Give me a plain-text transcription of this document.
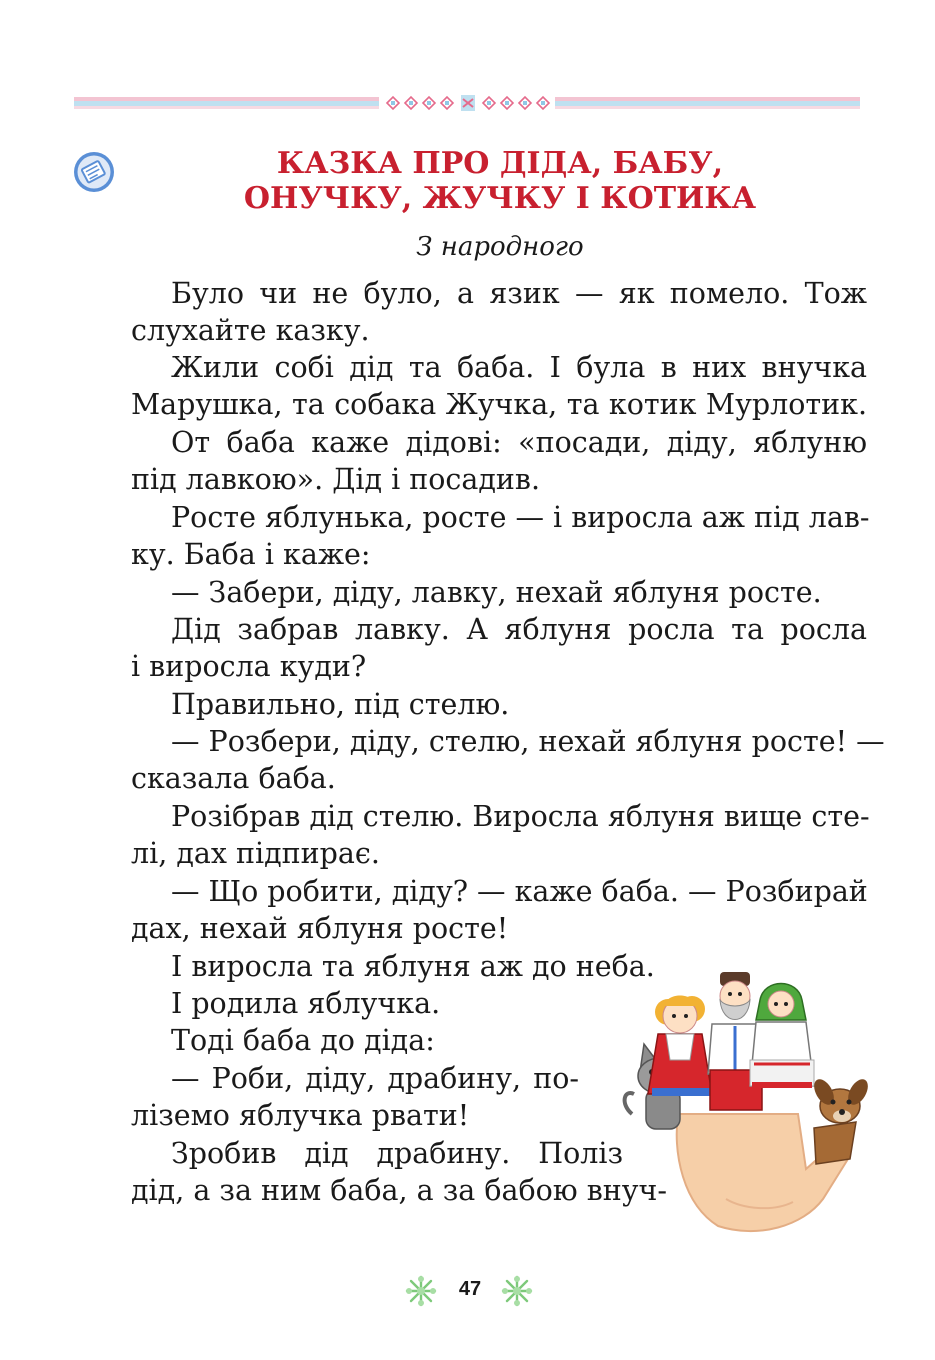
КАЗКА ПРО ДІДА, БАБУ,
ОНУЧКУ, ЖУЧКУ І КОТИКА
З народного
Було чи не було, а язик — як помело. Тож
слухайте казку.
Жили собі дід та баба. І була в них внучка
Марушка, та собака Жучка, та котик Мурлотик.
От баба каже дідові: «посади, діду, яблуню
під лавкою». Дід і посадив.
Росте яблунька, росте — і виросла аж під лав-
ку. Баба і каже:
— Забери, діду, лавку, нехай яблуня росте.
Дід забрав лавку. А яблуня росла та росла
і виросла куди?
Правильно, під стелю.
— Розбери, діду, стелю, нехай яблуня росте! —
сказала баба.
Розібрав дід стелю. Виросла яблуня вище сте-
лі, дах підпирає.
— Що робити, діду? — каже баба. — Розбирай
дах, нехай яблуня росте!
І виросла та яблуня аж до неба.
І родила яблучка.
Тоді баба до діда:
— Роби, діду, драбину, по-
ліземо яблучка рвати!
Зробив дід драбину. Поліз
дід, а за ним баба, а за бабою внуч-
47
